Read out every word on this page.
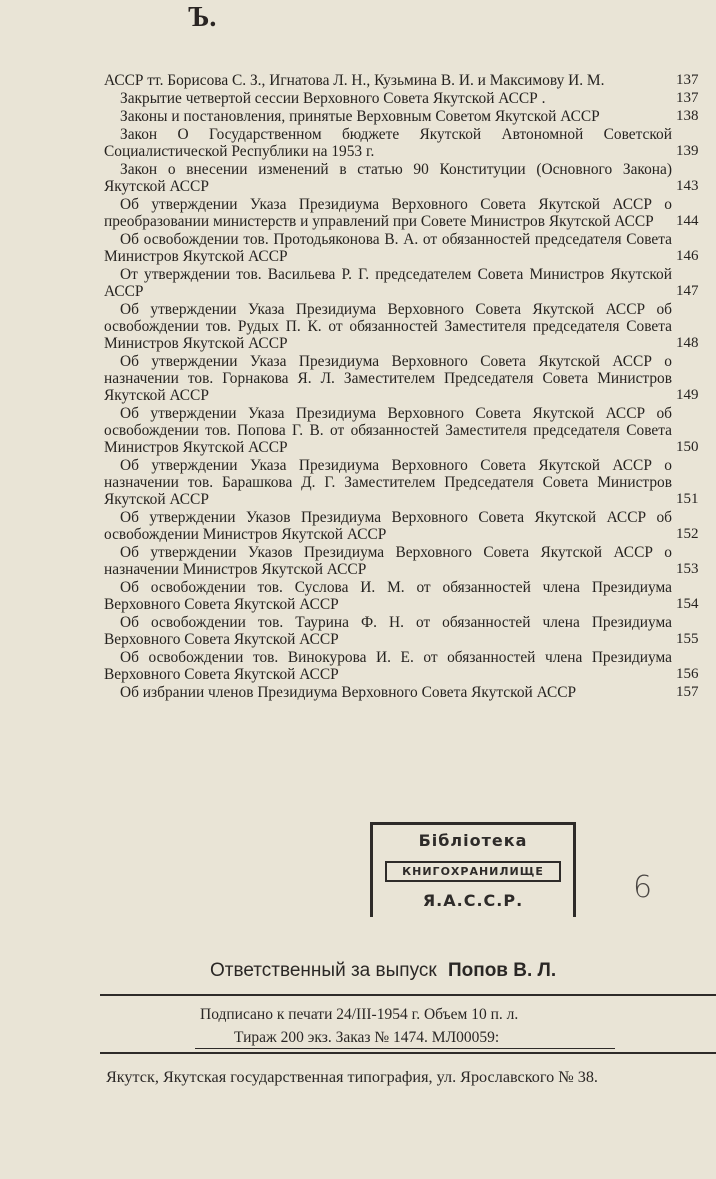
Ъ.
АССР тт. Борисова С. З., Игнатова Л. Н., Кузьмина В. И. и Максимову И. М.	137
Закрытие четвертой сессии Верховного Совета Якутской АССР .	137
Законы и постановления, принятые Верховным Советом Якутской АССР	138
Закон О Государственном бюджете Якутской Автономной Советской Социалистической Республики на 1953 г.	139
Закон о внесении изменений в статью 90 Конституции (Основного Закона) Якутской АССР	143
Об утверждении Указа Президиума Верховного Совета Якутской АССР о преобразовании министерств и управлений при Совете Министров Якутской АССР	144
Об освобождении тов. Протодьяконова В. А. от обязанностей председателя Совета Министров Якутской АССР	146
От утверждении тов. Васильева Р. Г. председателем Совета Министров Якутской АССР	147
Об утверждении Указа Президиума Верховного Совета Якутской АССР об освобождении тов. Рудых П. К. от обязанностей Заместителя председателя Совета Министров Якутской АССР	148
Об утверждении Указа Президиума Верховного Совета Якутской АССР о назначении тов. Горнакова Я. Л. Заместителем Председателя Совета Министров Якутской АССР	149
Об утверждении Указа Президиума Верховного Совета Якутской АССР об освобождении тов. Попова Г. В. от обязанностей Заместителя председателя Совета Министров Якутской АССР	150
Об утверждении Указа Президиума Верховного Совета Якутской АССР о назначении тов. Барашкова Д. Г. Заместителем Председателя Совета Министров Якутской АССР	151
Об утверждении Указов Президиума Верховного Совета Якутской АССР об освобождении Министров Якутской АССР	152
Об утверждении Указов Президиума Верховного Совета Якутской АССР о назначении Министров Якутской АССР	153
Об освобождении тов. Суслова И. М. от обязанностей члена Президиума Верховного Совета Якутской АССР	154
Об освобождении тов. Таурина Ф. Н. от обязанностей члена Президиума Верховного Совета Якутской АССР	155
Об освобождении тов. Винокурова И. Е. от обязанностей члена Президиума Верховного Совета Якутской АССР	156
Об избрании членов Президиума Верховного Совета Якутской АССР	157
Бiблiотека
КНИГОХРАНИЛИЩЕ
Я.А.С.С.Р.	6
Ответственный за выпуск Попов В. Л.
Подписано к печати 24/III-1954 г. Объем 10 п. л.
Тираж 200 экз. Заказ № 1474. МЛ00059:
Якутск, Якутская государственная типография, ул. Ярославского № 38.
